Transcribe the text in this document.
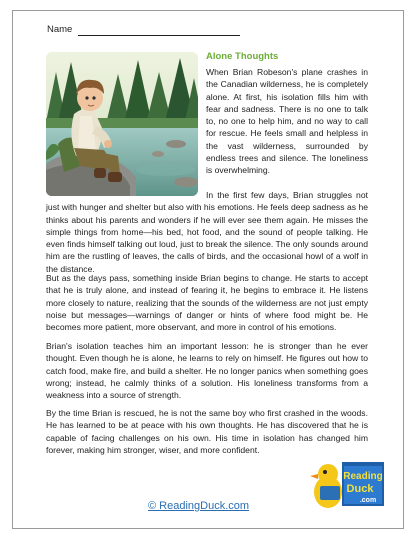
Name
Alone Thoughts

When Brian Robeson's plane crashes in the Canadian wilderness, he is completely alone. At first, his isolation fills him with fear and sadness. There is no one to talk to, no one to help him, and no way to call for rescue. He feels small and helpless in the vast wilderness, surrounded by endless trees and silence. The loneliness is overwhelming.

In the first few days, Brian struggles not just with hunger and shelter but also with his emotions. He feels deep sadness as he thinks about his parents and wonders if he will ever see them again. He misses the simple things from home—his bed, hot food, and the sound of people talking. He even finds himself talking out loud, just to break the silence. The only sounds around him are the rustling of leaves, the calls of birds, and the occasional howl of a wolf in the distance.

But as the days pass, something inside Brian begins to change. He starts to accept that he is truly alone, and instead of fearing it, he begins to embrace it. He listens more closely to nature, realizing that the sounds of the wilderness are not just empty noise but messages—warnings of danger or hints of where food might be. He becomes more patient, more observant, and more in control of his emotions.

Brian's isolation teaches him an important lesson: he is stronger than he ever thought. Even though he is alone, he learns to rely on himself. He figures out how to catch food, make fire, and build a shelter. He no longer panics when something goes wrong; instead, he calmly thinks of a solution. His loneliness transforms from a weakness into a source of strength.

By the time Brian is rescued, he is not the same boy who first crashed in the woods. He has learned to be at peace with his own thoughts. He has discovered that he is capable of facing challenges on his own. His time in isolation has changed him forever, making him stronger, wiser, and more confident.

© ReadingDuck.com
Reading
Duck
.com
